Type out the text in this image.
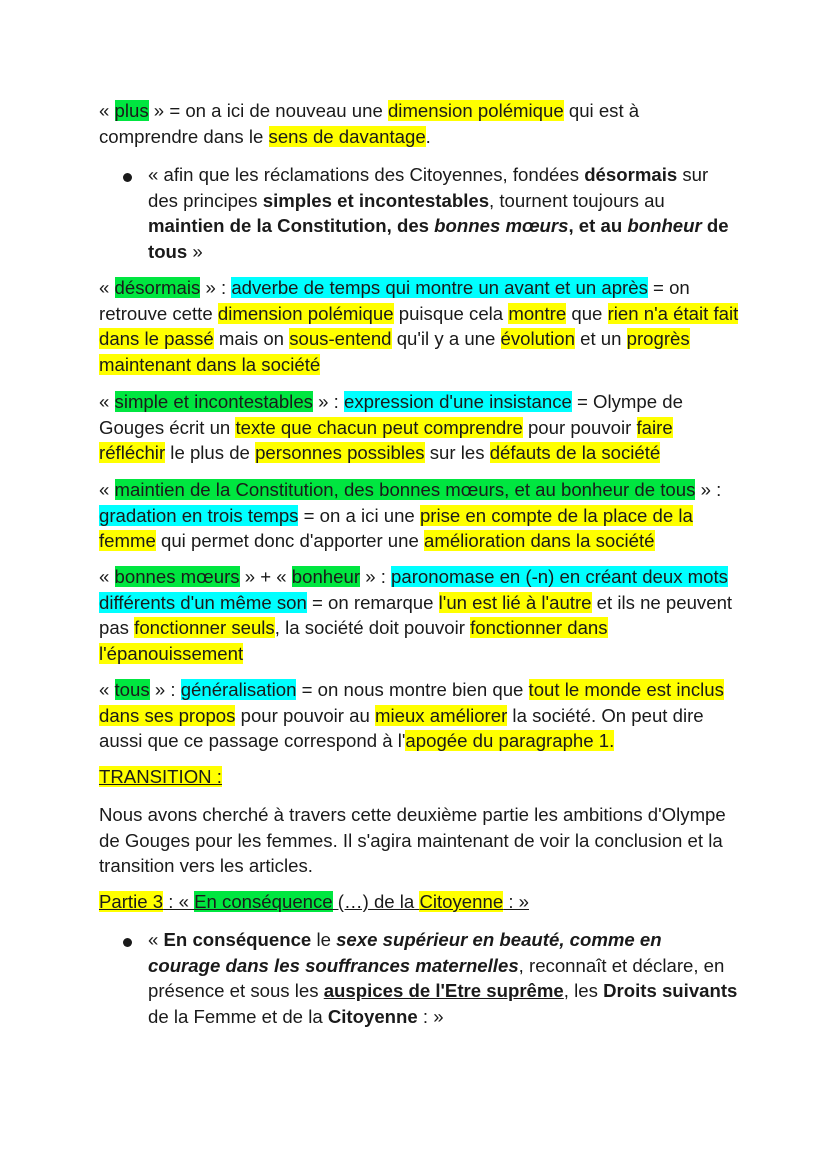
« plus » = on a ici de nouveau une dimension polémique qui est à comprendre dans le sens de davantage.
« afin que les réclamations des Citoyennes, fondées désormais sur des principes simples et incontestables, tournent toujours au maintien de la Constitution, des bonnes mœurs, et au bonheur de tous »
« désormais » : adverbe de temps qui montre un avant et un après = on retrouve cette dimension polémique puisque cela montre que rien n'a était fait dans le passé mais on sous-entend qu'il y a une évolution et un progrès maintenant dans la société
« simple et incontestables » : expression d'une insistance = Olympe de Gouges écrit un texte que chacun peut comprendre pour pouvoir faire réfléchir le plus de personnes possibles sur les défauts de la société
« maintien de la Constitution, des bonnes mœurs, et au bonheur de tous » : gradation en trois temps = on a ici une prise en compte de la place de la femme qui permet donc d'apporter une amélioration dans la société
« bonnes mœurs » + « bonheur » : paronomase en (-n) en créant deux mots différents d'un même son = on remarque l'un est lié à l'autre et ils ne peuvent pas fonctionner seuls, la société doit pouvoir fonctionner dans l'épanouissement
« tous » : généralisation = on nous montre bien que tout le monde est inclus dans ses propos pour pouvoir au mieux améliorer la société. On peut dire aussi que ce passage correspond à l'apogée du paragraphe 1.
TRANSITION :
Nous avons cherché à travers cette deuxième partie les ambitions d'Olympe de Gouges pour les femmes. Il s'agira maintenant de voir la conclusion et la transition vers les articles.
Partie 3 : « En conséquence (…) de la Citoyenne : »
« En conséquence le sexe supérieur en beauté, comme en courage dans les souffrances maternelles, reconnaît et déclare, en présence et sous les auspices de l'Etre suprême, les Droits suivants de la Femme et de la Citoyenne : »
